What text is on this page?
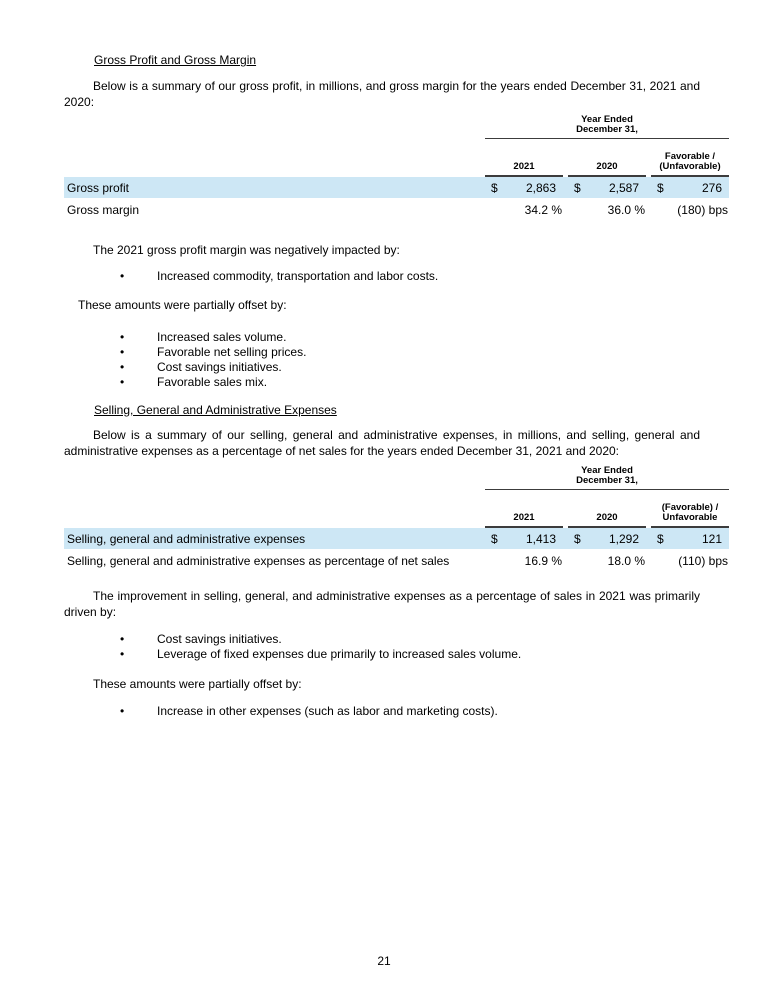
Gross Profit and Gross Margin

Below is a summary of our gross profit, in millions, and gross margin for the years ended December 31, 2021 and 2020:

Year Ended
December 31,
2021	2020
Favorable /
(Unfavorable)
Gross profit	$	2,863	$	2,587	$	276
Gross margin	34.2 %	36.0 %	(180) bps

The 2021 gross profit margin was negatively impacted by:

•	Increased commodity, transportation and labor costs.

These amounts were partially offset by:

•	Increased sales volume.
•	Favorable net selling prices.
•	Cost savings initiatives.
•	Favorable sales mix.
Selling, General and Administrative Expenses

Below is a summary of our selling, general and administrative expenses, in millions, and selling, general and administrative expenses as a percentage of net sales for the years ended December 31, 2021 and 2020:

Year Ended
December 31,
2021	2020
(Favorable) /
Unfavorable
Selling, general and administrative expenses	$	1,413	$	1,292	$	121
Selling, general and administrative expenses as percentage of net sales	16.9 %	18.0 %	(110) bps

The improvement in selling, general, and administrative expenses as a percentage of sales in 2021 was primarily driven by:

•	Cost savings initiatives.
•	Leverage of fixed expenses due primarily to increased sales volume.

These amounts were partially offset by:

•	Increase in other expenses (such as labor and marketing costs).
21
